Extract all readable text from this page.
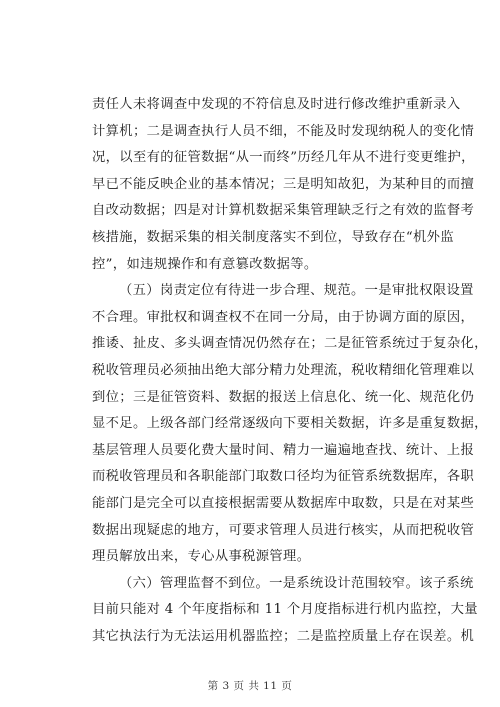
责任人未将调查中发现的不符信息及时进行修改维护重新录入
计算机；二是调查执行人员不细，不能及时发现纳税人的变化情
况，以至有的征管数据“从一而终”历经几年从不进行变更维护，
早已不能反映企业的基本情况；三是明知故犯，为某种目的而擅
自改动数据；四是对计算机数据采集管理缺乏行之有效的监督考
核措施，数据采集的相关制度落实不到位，导致存在“机外监
控”，如违规操作和有意篡改数据等。
（五）岗责定位有待进一步合理、规范。一是审批权限设置
不合理。审批权和调查权不在同一分局，由于协调方面的原因，
推诿、扯皮、多头调查情况仍然存在；二是征管系统过于复杂化，
税收管理员必须抽出绝大部分精力处理流，税收精细化管理难以
到位；三是征管资料、数据的报送上信息化、统一化、规范化仍
显不足。上级各部门经常逐级向下要相关数据，许多是重复数据，
基层管理人员要化费大量时间、精力一遍遍地查找、统计、上报
而税收管理员和各职能部门取数口径均为征管系统数据库，各职
能部门是完全可以直接根据需要从数据库中取数，只是在对某些
数据出现疑虑的地方，可要求管理人员进行核实，从而把税收管
理员解放出来，专心从事税源管理。
（六）管理监督不到位。一是系统设计范围较窄。该子系统
目前只能对 4 个年度指标和 11 个月度指标进行机内监控，大量
其它执法行为无法运用机器监控；二是监控质量上存在误差。机
第 3 页 共 11 页
